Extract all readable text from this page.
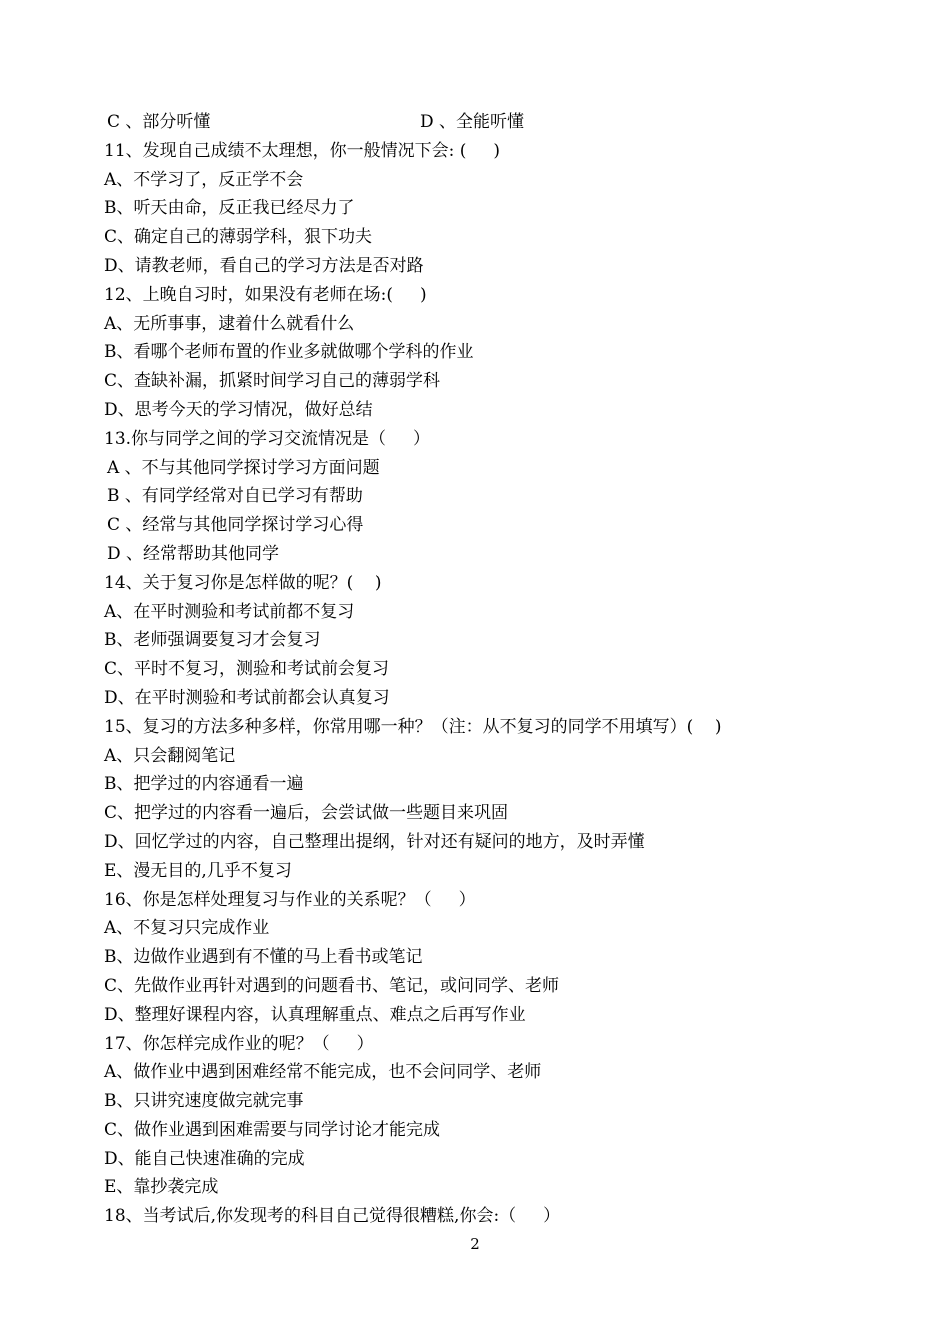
C 、部分听懂	D 、全能听懂
11、发现自己成绩不太理想，你一般情况下会: (     )
A、不学习了，反正学不会
B、听天由命，反正我已经尽力了
C、确定自己的薄弱学科，狠下功夫
D、请教老师，看自己的学习方法是否对路
12、上晚自习时，如果没有老师在场:(     )
A、无所事事，逮着什么就看什么
B、看哪个老师布置的作业多就做哪个学科的作业
C、查缺补漏，抓紧时间学习自己的薄弱学科
D、思考今天的学习情况，做好总结
13.你与同学之间的学习交流情况是（     ）
A 、不与其他同学探讨学习方面问题
B 、有同学经常对自已学习有帮助
C 、经常与其他同学探讨学习心得
D 、经常帮助其他同学
14、关于复习你是怎样做的呢？(    )
A、在平时测验和考试前都不复习
B、老师强调要复习才会复习
C、平时不复习，测验和考试前会复习
D、在平时测验和考试前都会认真复习
15、复习的方法多种多样，你常用哪一种？（注：从不复习的同学不用填写）(    )
A、只会翻阅笔记
B、把学过的内容通看一遍
C、把学过的内容看一遍后，会尝试做一些题目来巩固
D、回忆学过的内容，自己整理出提纲，针对还有疑问的地方，及时弄懂
E、漫无目的,几乎不复习
16、你是怎样处理复习与作业的关系呢？（     ）
A、不复习只完成作业
B、边做作业遇到有不懂的马上看书或笔记
C、先做作业再针对遇到的问题看书、笔记，或问同学、老师
D、整理好课程内容，认真理解重点、难点之后再写作业
17、你怎样完成作业的呢？（     ）
A、做作业中遇到困难经常不能完成，也不会问同学、老师
B、只讲究速度做完就完事
C、做作业遇到困难需要与同学讨论才能完成
D、能自己快速准确的完成
E、靠抄袭完成
18、当考试后,你发现考的科目自己觉得很糟糕,你会:（     ）
2
